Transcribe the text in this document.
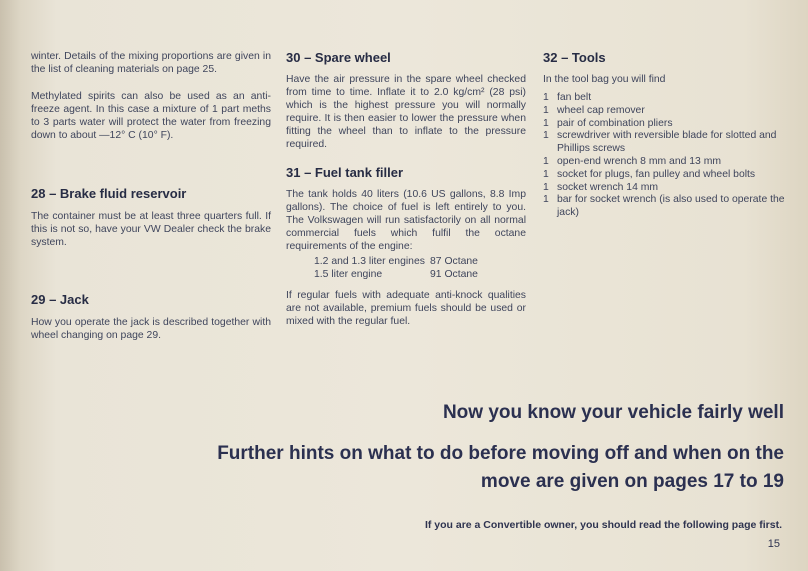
winter. Details of the mixing proportions are given in the list of cleaning materials on page 25.

Methylated spirits can also be used as an anti-freeze agent. In this case a mixture of 1 part meths to 3 parts water will protect the water from freezing down to about —12° C (10° F).

28 – Brake fluid reservoir

The container must be at least three quarters full. If this is not so, have your VW Dealer check the brake system.

29 – Jack

How you operate the jack is described together with wheel changing on page 29.

30 – Spare wheel

Have the air pressure in the spare wheel checked from time to time. Inflate it to 2.0 kg/cm² (28 psi) which is the highest pressure you will normally require. It is then easier to lower the pressure when fitting the wheel than to inflate to the pressure required.

31 – Fuel tank filler

The tank holds 40 liters (10.6 US gallons, 8.8 Imp gallons). The choice of fuel is left entirely to you. The Volkswagen will run satisfactorily on all normal commercial fuels which fulfil the octane requirements of the engine:

1.2 and 1.3 liter engines 87 Octane
1.5 liter engine	91 Octane

If regular fuels with adequate anti-knock qualities are not available, premium fuels should be used or mixed with the regular fuel.

32 – Tools

In the tool bag you will find

1 fan belt
1 wheel cap remover
1 pair of combination pliers
1 screwdriver with reversible blade for slotted and Phillips screws
1 open-end wrench 8 mm and 13 mm
1 socket for plugs, fan pulley and wheel bolts
1 socket wrench 14 mm
1 bar for socket wrench (is also used to operate the jack)

Now you know your vehicle fairly well

Further hints on what to do before moving off and when on the move are given on pages 17 to 19

If you are a Convertible owner, you should read the following page first.

15
